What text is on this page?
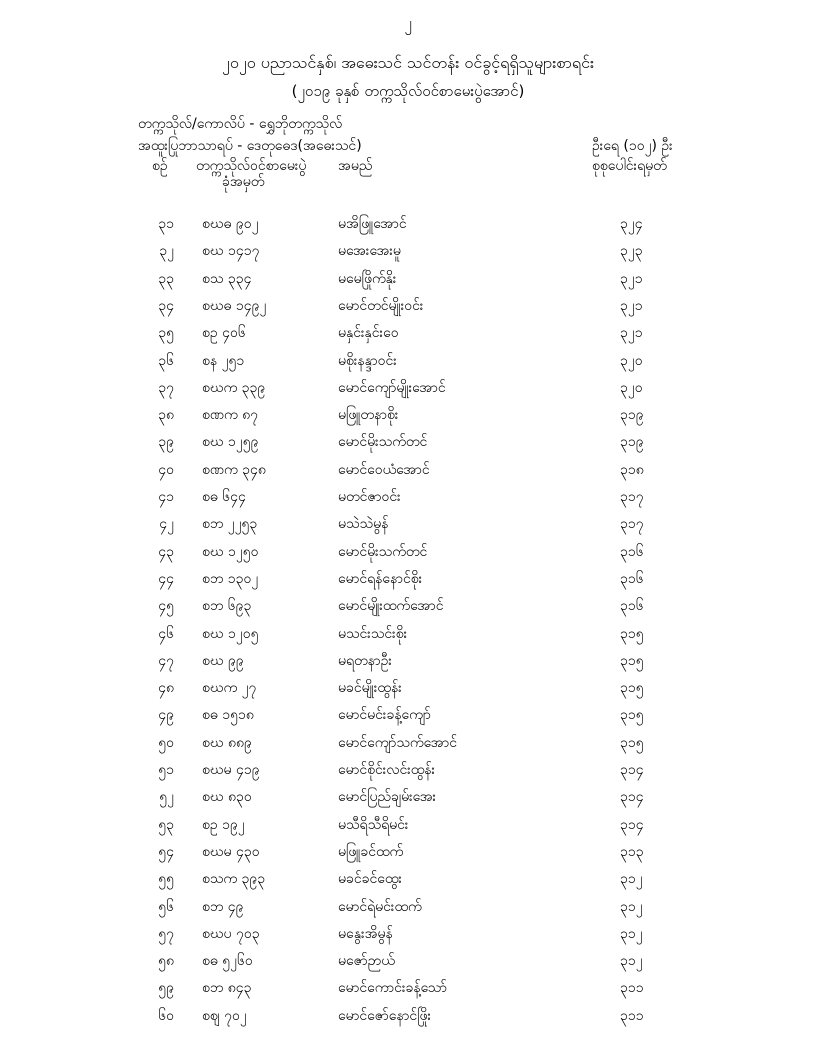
၂
၂၀၂၀ ပညာသင်နှစ်၊ အဓေးသင် သင်တန်း ဝင်ခွင့်ရရှိသူများစာရင်း
(၂၀၁၉ ခုနှစ် တက္ကသိုလ်ဝင်စာမေးပွဲအောင်)
တက္ကသိုလ်/ကောလိပ် - ရွှေဘိုတက္ကသိုလ်
အထူးပြုဘာသာရပ် - ဒေတုဓေဒ(အဓေးသင်)	ဦးရေ (၁၀၂) ဦး
စဉ် တက္ကသိုလ်ဝင်စာမေးပွဲ
ခုံအမှတ်
အမည်	စုစုပေါင်းရမှတ်
၃၁ စဃဓ ၉၀၂	မအိဖြူအောင်	၃၂၄
၃၂ စဃ ၁၄၁၇	မအေးအေးမူ	၃၂၃
၃၃ စသ ၃၃၄	မမေဖြိုက်နိုး	၃၂၁
၃၄ စဃဓ ၁၄၉၂	မောင်တင်မျိုးဝင်း	၃၂၁
၃၅ စဥ ၄၀၆	မနှင်းနှင်းဝေ	၃၂၁
၃၆ စန ၂၅၁	မစိုးနန္ဒာဝင်း	၃၂၀
၃၇ စဃက ၃၃၉	မောင်ကျော်မျိုးအောင်	၃၂၀
၃၈ စဏက ၈၇	မဖြူတနာစိုး	၃၁၉
၃၉ စဃ ၁၂၅၉	မောင်မိုးသက်တင်	၃၁၉
၄၀ စဏက ၃၄၈	မောင်ဝေယံအောင်	၃၁၈
၄၁ စဓ ၆၄၄	မတင်ဇာဝင်း	၃၁၇
၄၂ စဘ ၂၂၅၃	မသဲသဲမွန်	၃၁၇
၄၃ စဃ ၁၂၅၀	မောင်မိုးသက်တင်	၃၁၆
၄၄ စဘ ၁၃၀၂	မောင်ရန်နောင်စိုး	၃၁၆
၄၅ စဘ ၆၉၃	မောင်မျိုးထက်အောင်	၃၁၆
၄၆ စဃ ၁၂၀၅	မသင်းသင်းစိုး	၃၁၅
၄၇ စဃ ၉၉	မရတနာဦး	၃၁၅
၄၈ စဃက ၂၇	မခင်မျိုးထွန်း	၃၁၅
၄၉ စဓ ၁၅၁၈	မောင်မင်းခန့်ကျော်	၃၁၅
၅၀ စဃ ၈၈၉	မောင်ကျော်သက်အောင်	၃၁၅
၅၁ စဃမ ၄၁၉	မောင်စိုင်းလင်းထွန်း	၃၁၄
၅၂ စဃ ၈၃၀	မောင်ပြည်ချမ်းအေး	၃၁၄
၅၃ စဥ ၁၉၂	မသီရိသီရိမင်း	၃၁၄
၅၄ စဃမ ၄၃၀	မဖြူခင်ထက်	၃၁၃
၅၅ စသက ၃၉၃	မခင်ခင်ထွေး	၃၁၂
၅၆ စဘ ၄၉	မောင်ရဲမင်းထက်	၃၁၂
၅၇ စဃပ ၇၀၃	မနွေးအိမွန်	၃၁၂
၅၈ စဓ ၅၂၆၀	မဇော်ဉာယ်	၃၁၂
၅၉ စဘ ၈၄၃	မောင်ကောင်းခန့်သော်	၃၁၁
၆၀ စဈ ၇၀၂	မောင်ဇော်နောင်ဖြိုး	၃၁၁
